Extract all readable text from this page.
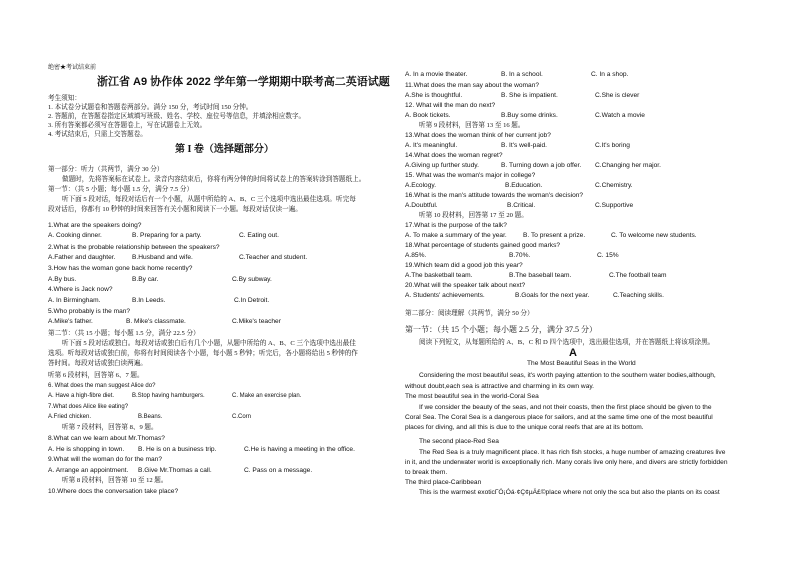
绝密★考试结束前
浙江省 A9 协作体 2022 学年第一学期期中联考高二英语试题
考生须知：
1. 本试卷分试题卷和答题卷两部分。满分 150 分，考试时间 150 分钟。
2. 答题前，在答题卷指定区域填写班级、姓名、学校、座位号等信息，并填涂相应数字。
3. 所有答案都必须写在答题卷上，写在试题卷上无效。
4. 考试结束后，只需上交答题卷。
第 I 卷（选择题部分）
第一部分：听力（共两节，满分 30 分）
做题时，先将答案标在试卷上。录音内容结束后，你将有两分钟的时间将试卷上的答案转涂到答题纸上。
第一节：（共 5 小题；每小题 1.5 分，满分 7.5 分）
听下面 5 段对话，每段对话后有一个小题，从题中所给的 A、B、C 三个选项中选出最佳选项。听完每
段对话后，你都有 10 秒钟的时间来回答有关小题和阅读下一小题。每段对话仅读一遍。
1.What are the speakers doing?
A. Cooking dinner.	B. Preparing for a party.	C. Eating out.
2.What is the probable relationship between the speakers?
A.Father and daughter.	B.Husband and wife.	C.Teacher and student.
3.How has the woman gone back home recently?
A.By bus.	B.By car.	C.By subway.
4.Where is Jack now?
A. In Birmingham.	B.In Leeds.	C.In Detroit.
5.Who probably is the man?
A.Mike's father.	B. Mike's classmate.	C.Mike's teacher
第二节：（共 15 小题；每小题 1.5 分，满分 22.5 分）
听下面 5 段对话或独白。每段对话或独白后有几个小题，从题中所给的 A、B、C 三个选项中选出最佳
选项。听每段对话或独白前，你将有时间阅读各个小题，每小题 5 秒钟；听完后，各小题将给出 5 秒钟的作
答时间。每段对话或独白读两遍。
听第 6 段材料，回答第 6、7 题。
6. What does the man suggest Alice do?
A. Have a high-fibre diet.	B.Stop having hamburgers.	C. Make an exercise plan.
7.What does Alice like eating?
A.Fried chicken.	B.Beans.	C.Corn
听第 7 段材料，回答第 8、9 题。
8.What can we learn about Mr.Thomas?
A. He is shopping in town. B. He is on a business trip.	C.He is having a meeting in the office.
9.What will the woman do for the man?
A. Arrange an appointment. B.Give Mr.Thomas a call.	C. Pass on a message.
听第 8 段材料，回答第 10 至 12 题。
10.Where docs the conversation take place?
A. In a movie theater.	B. In a school.	C. In a shop.
11.What does the man say about the woman?
A.She is thoughtful.	B. She is impatient.	C.She is clever
12. What will the man do next?
A. Book tickets.	B.Buy some drinks.	C.Watch a movie
听第 9 段材料，回答第 13 至 16 题。
13.What does the woman think of her current job?
A. It's meaningful.	B. It's well-paid.	C.It's boring
14.What does the woman regret?
A.Giving up further study.	B. Turning down a job offer. C.Changing her major.
15. What was the woman's major in college?
A.Ecology.	B.Education.	C.Chemistry.
16.What is the man's attitude towards the woman's decision?
A.Doubtful.	B.Critical.	C.Supportive
听第 10 段材料，回答第 17 至 20 题。
17.What is the purpose of the talk?
A. To make a summary of the year. B. To present a prize.	C. To welcome new students.
18.What percentage of students gained good marks?
A.85%.	B.70%.	C. 15%
19.Which team did a good job this year?
A.The basketball team.	B.The baseball team.	C.The football team
20.What will the speaker talk about next?
A. Students' achievements.	B.Goals for the next year.	C.Teaching skills.
第二部分：阅读理解（共两节，满分 50 分）
第一节：（共 15 个小题；每小题 2.5 分，满分 37.5 分）
阅读下列短文，从每题所给的 A、B、C 和 D 四个选项中，选出最佳选项，并在答题纸上将该项涂黑。
A
The Most Beautiful Seas in the World
Considering the most beautiful seas, it's worth paying attention to the southern water bodies,although,
without doubt,each sea is attractive and charming in its own way.
The most beautiful sea in the world-Coral Sea
If we consider the beauty of the seas, and not their coasts, then the first place should be given to the
Coral Sea. The Coral Sea is a dangerous place for sailors, and at the same time one of the most beautiful
places for diving, and all this is due to the unique coral reefs that are at its bottom.
The second place-Red Sea
The Red Sea is a truly magnificent place. It has rich fish stocks, a huge number of amazing creatures live
in it, and the underwater world is exceptionally rich. Many corals live only here, and divers are strictly forbidden
to break them.
The third place-Caribbean
This is the warmest exoticГÓ¡Óá·¢Ç¢µÄ£©place where not only the sca but also the plants on its coast
